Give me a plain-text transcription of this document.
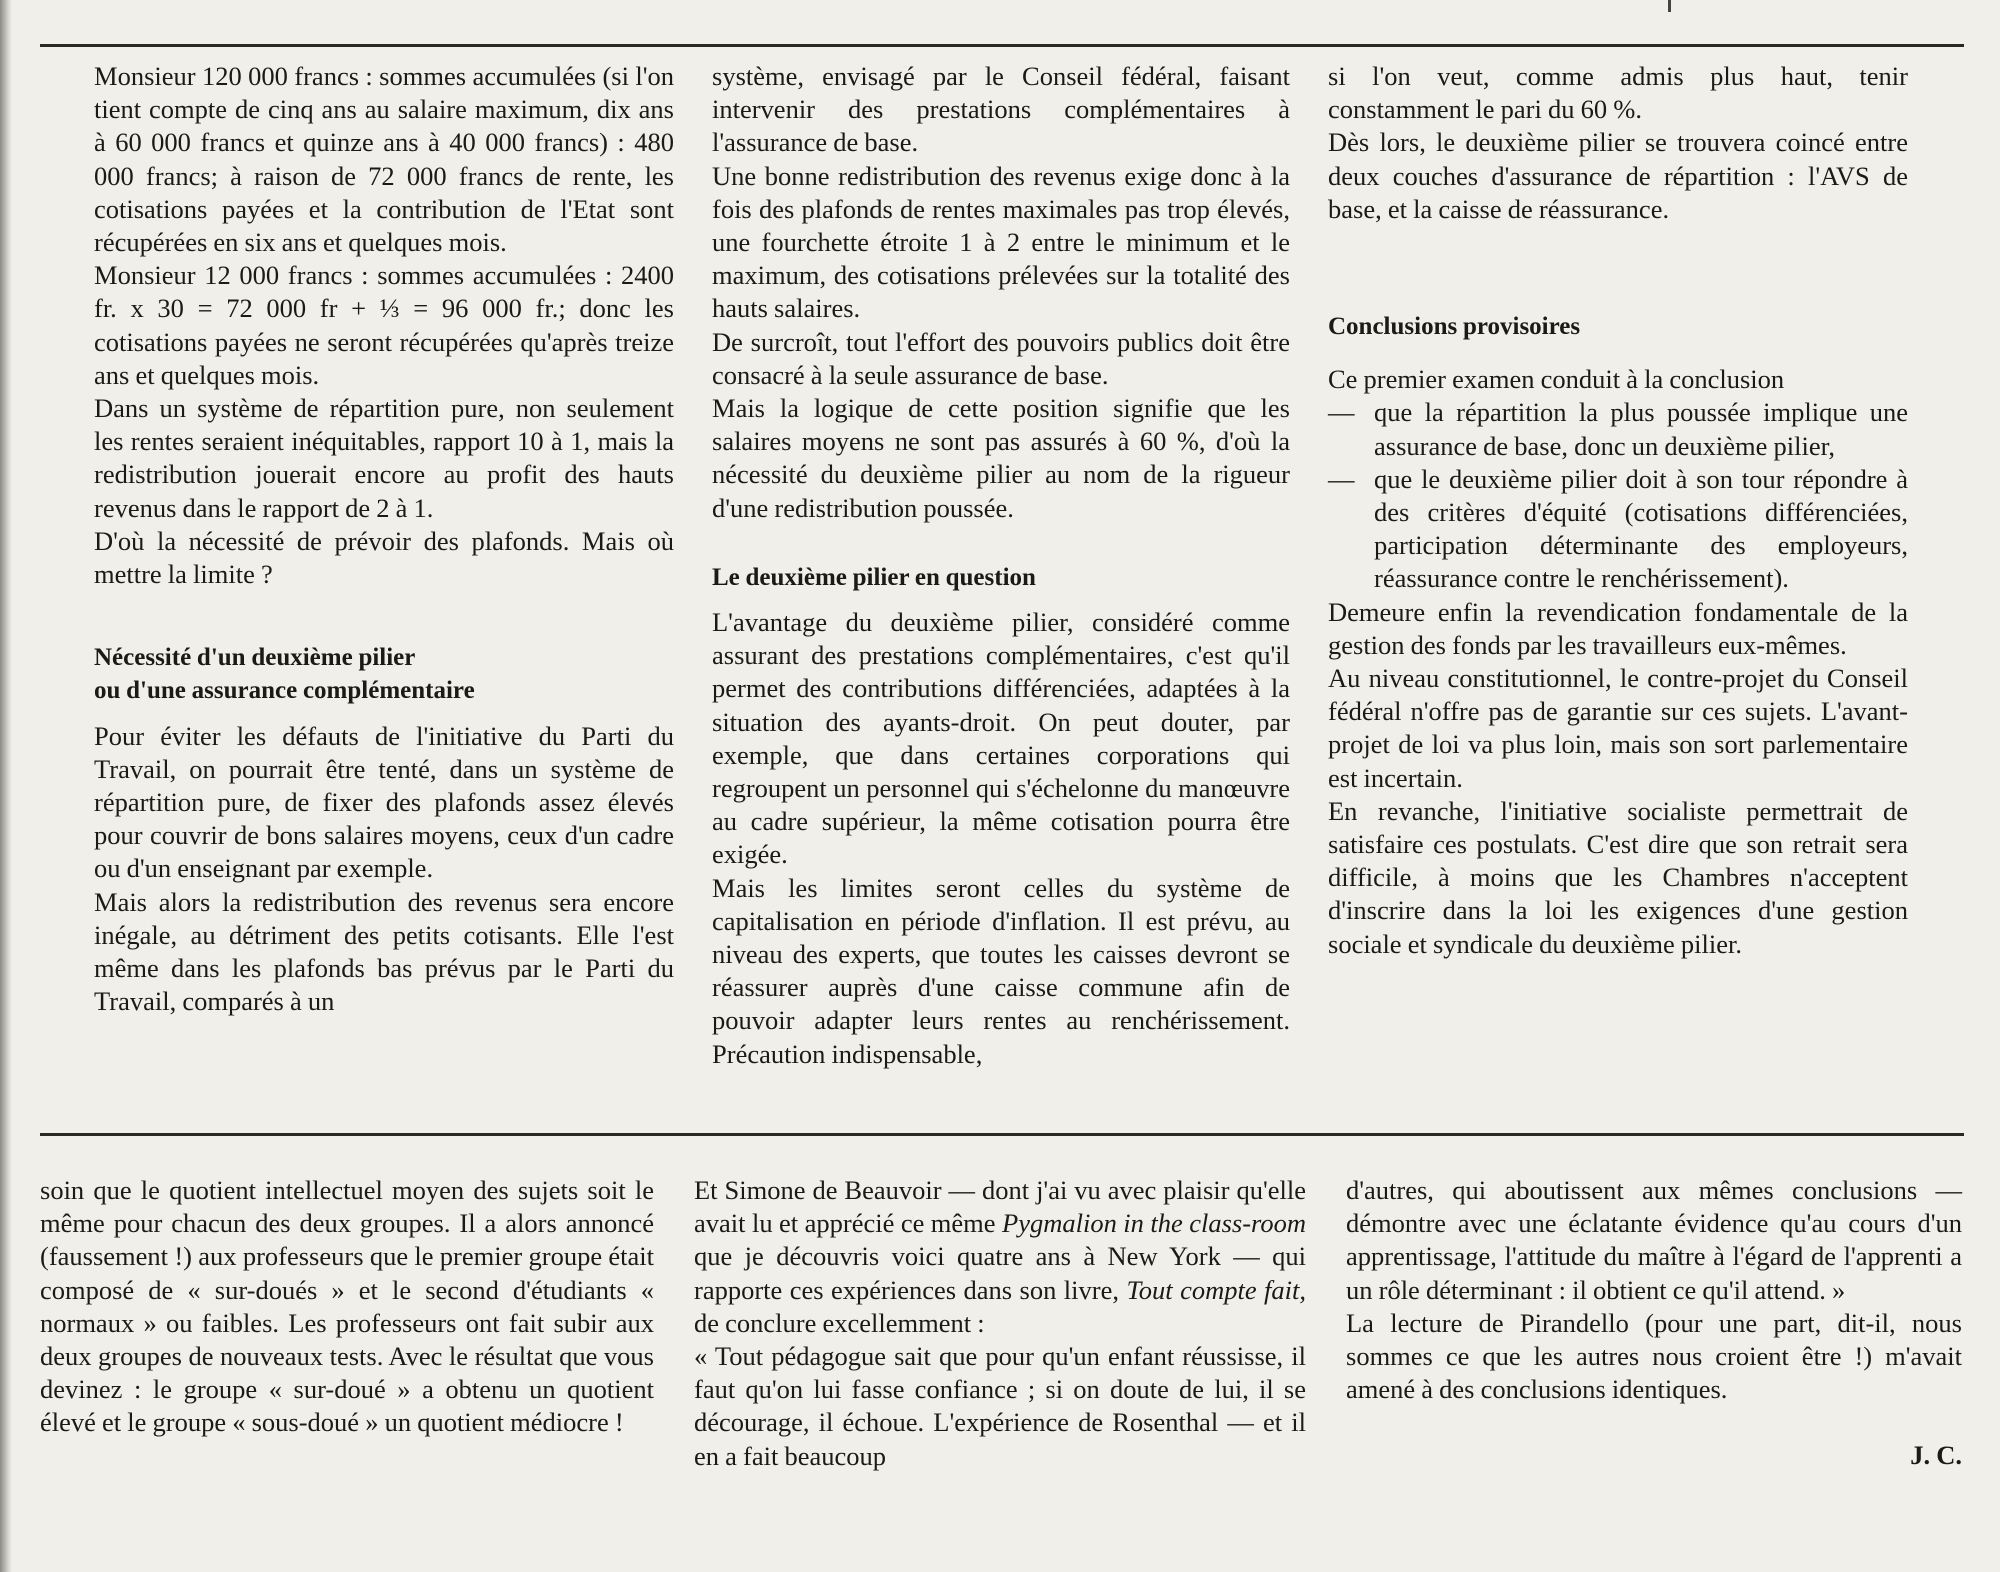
Monsieur 120 000 francs : sommes accumulées (si l'on tient compte de cinq ans au salaire maximum, dix ans à 60 000 francs et quinze ans à 40 000 francs) : 480 000 francs; à raison de 72 000 francs de rente, les cotisations payées et la contribution de l'Etat sont récupérées en six ans et quelques mois.

Monsieur 12 000 francs : sommes accumulées : 2400 fr. x 30 = 72 000 fr + ⅓ = 96 000 fr.; donc les cotisations payées ne seront récupérées qu'après treize ans et quelques mois.

Dans un système de répartition pure, non seulement les rentes seraient inéquitables, rapport 10 à 1, mais la redistribution jouerait encore au profit des hauts revenus dans le rapport de 2 à 1.

D'où la nécessité de prévoir des plafonds. Mais où mettre la limite ?

Nécessité d'un deuxième pilier
ou d'une assurance complémentaire

Pour éviter les défauts de l'initiative du Parti du Travail, on pourrait être tenté, dans un système de répartition pure, de fixer des plafonds assez élevés pour couvrir de bons salaires moyens, ceux d'un cadre ou d'un enseignant par exemple.

Mais alors la redistribution des revenus sera encore inégale, au détriment des petits cotisants. Elle l'est même dans les plafonds bas prévus par le Parti du Travail, comparés à un

système, envisagé par le Conseil fédéral, faisant intervenir des prestations complémentaires à l'assurance de base.

Une bonne redistribution des revenus exige donc à la fois des plafonds de rentes maximales pas trop élevés, une fourchette étroite 1 à 2 entre le minimum et le maximum, des cotisations prélevées sur la totalité des hauts salaires.

De surcroît, tout l'effort des pouvoirs publics doit être consacré à la seule assurance de base.

Mais la logique de cette position signifie que les salaires moyens ne sont pas assurés à 60 %, d'où la nécessité du deuxième pilier au nom de la rigueur d'une redistribution poussée.

Le deuxième pilier en question

L'avantage du deuxième pilier, considéré comme assurant des prestations complémentaires, c'est qu'il permet des contributions différenciées, adaptées à la situation des ayants-droit. On peut douter, par exemple, que dans certaines corporations qui regroupent un personnel qui s'échelonne du manœuvre au cadre supérieur, la même cotisation pourra être exigée.

Mais les limites seront celles du système de capitalisation en période d'inflation. Il est prévu, au niveau des experts, que toutes les caisses devront se réassurer auprès d'une caisse commune afin de pouvoir adapter leurs rentes au renchérissement. Précaution indispensable,

si l'on veut, comme admis plus haut, tenir constamment le pari du 60 %.

Dès lors, le deuxième pilier se trouvera coincé entre deux couches d'assurance de répartition : l'AVS de base, et la caisse de réassurance.

Conclusions provisoires

Ce premier examen conduit à la conclusion

— que la répartition la plus poussée implique une assurance de base, donc un deuxième pilier,
— que le deuxième pilier doit à son tour répondre à des critères d'équité (cotisations différenciées, participation déterminante des employeurs, réassurance contre le renchérissement).

Demeure enfin la revendication fondamentale de la gestion des fonds par les travailleurs eux-mêmes.

Au niveau constitutionnel, le contre-projet du Conseil fédéral n'offre pas de garantie sur ces sujets. L'avant-projet de loi va plus loin, mais son sort parlementaire est incertain.

En revanche, l'initiative socialiste permettrait de satisfaire ces postulats. C'est dire que son retrait sera difficile, à moins que les Chambres n'acceptent d'inscrire dans la loi les exigences d'une gestion sociale et syndicale du deuxième pilier.

soin que le quotient intellectuel moyen des sujets soit le même pour chacun des deux groupes. Il a alors annoncé (faussement !) aux professeurs que le premier groupe était composé de « sur-doués » et le second d'étudiants « normaux » ou faibles. Les professeurs ont fait subir aux deux groupes de nouveaux tests. Avec le résultat que vous devinez : le groupe « sur-doué » a obtenu un quotient élevé et le groupe « sous-doué » un quotient médiocre !

Et Simone de Beauvoir — dont j'ai vu avec plaisir qu'elle avait lu et apprécié ce même Pygmalion in the class-room que je découvris voici quatre ans à New York — qui rapporte ces expériences dans son livre, Tout compte fait, de conclure excellemment :

« Tout pédagogue sait que pour qu'un enfant réussisse, il faut qu'on lui fasse confiance ; si on doute de lui, il se décourage, il échoue. L'expérience de Rosenthal — et il en a fait beaucoup

d'autres, qui aboutissent aux mêmes conclusions — démontre avec une éclatante évidence qu'au cours d'un apprentissage, l'attitude du maître à l'égard de l'apprenti a un rôle déterminant : il obtient ce qu'il attend. »

La lecture de Pirandello (pour une part, dit-il, nous sommes ce que les autres nous croient être !) m'avait amené à des conclusions identiques.

J. C.
